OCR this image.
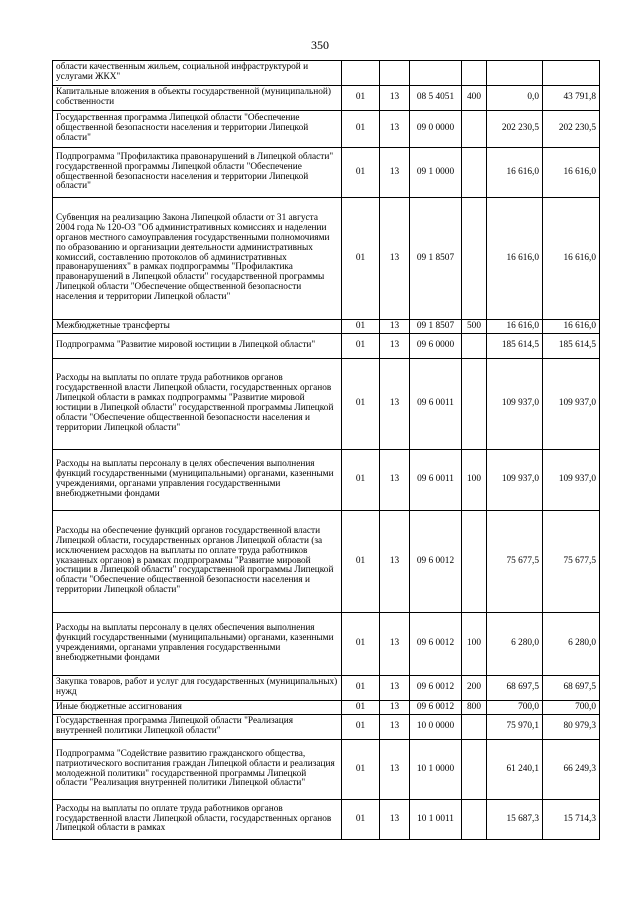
350
области качественным жильем, социальной инфраструктурой и услугами ЖКХ"						
Капитальные вложения в объекты государственной (муниципальной) собственности	01	13	08 5 4051	400	0,0	43 791,8
Государственная программа Липецкой области "Обеспечение общественной безопасности населения и территории Липецкой области"	01	13	09 0 0000		202 230,5	202 230,5
Подпрограмма "Профилактика правонарушений в Липецкой области" государственной программы Липецкой области "Обеспечение общественной безопасности населения и территории Липецкой области"	01	13	09 1 0000		16 616,0	16 616,0
Субвенция на реализацию Закона Липецкой области от 31 августа 2004 года № 120-ОЗ "Об административных комиссиях и наделении органов местного самоуправления государственными полномочиями по образованию и организации деятельности административных комиссий, составлению протоколов об административных правонарушениях" в рамках подпрограммы "Профилактика правонарушений в Липецкой области" государственной программы Липецкой области "Обеспечение общественной безопасности населения и территории Липецкой области"	01	13	09 1 8507		16 616,0	16 616,0
Межбюджетные трансферты	01	13	09 1 8507	500	16 616,0	16 616,0
Подпрограмма "Развитие мировой юстиции в Липецкой области"	01	13	09 6 0000		185 614,5	185 614,5
Расходы на выплаты по оплате труда работников органов государственной власти Липецкой области, государственных органов Липецкой области в рамках подпрограммы "Развитие мировой юстиции в Липецкой области" государственной программы Липецкой области "Обеспечение общественной безопасности населения и территории Липецкой области"	01	13	09 6 0011		109 937,0	109 937,0
Расходы на выплаты персоналу в целях обеспечения выполнения функций государственными (муниципальными) органами, казенными учреждениями, органами управления государственными внебюджетными фондами	01	13	09 6 0011	100	109 937,0	109 937,0
Расходы на обеспечение функций органов государственной власти Липецкой области, государственных органов Липецкой области (за исключением расходов на выплаты по оплате труда работников указанных органов) в рамках подпрограммы "Развитие мировой юстиции в Липецкой области" государственной программы Липецкой области "Обеспечение общественной безопасности населения и территории Липецкой области"	01	13	09 6 0012		75 677,5	75 677,5
Расходы на выплаты персоналу в целях обеспечения выполнения функций государственными (муниципальными) органами, казенными учреждениями, органами управления государственными внебюджетными фондами	01	13	09 6 0012	100	6 280,0	6 280,0
Закупка товаров, работ и услуг для государственных (муниципальных) нужд	01	13	09 6 0012	200	68 697,5	68 697,5
Иные бюджетные ассигнования	01	13	09 6 0012	800	700,0	700,0
Государственная программа Липецкой области "Реализация внутренней политики Липецкой области"	01	13	10 0 0000		75 970,1	80 979,3
Подпрограмма "Содействие развитию гражданского общества, патриотического воспитания граждан Липецкой области и реализация молодежной политики" государственной программы Липецкой области "Реализация внутренней политики Липецкой области"	01	13	10 1 0000		61 240,1	66 249,3
Расходы на выплаты по оплате труда работников органов государственной власти Липецкой области, государственных органов Липецкой области в рамках	01	13	10 1 0011		15 687,3	15 714,3
